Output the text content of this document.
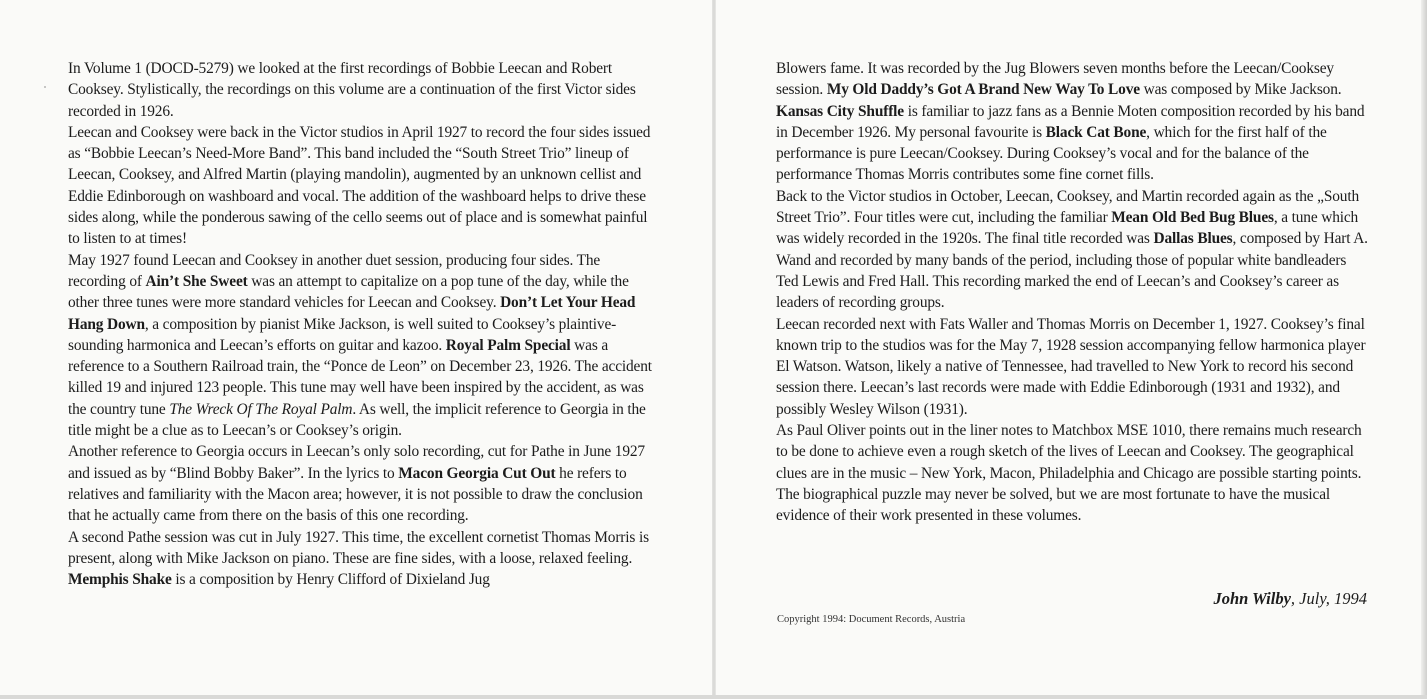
In Volume 1 (DOCD-5279) we looked at the first recordings of Bobbie Leecan and Robert Cooksey. Stylistically, the recordings on this volume are a continuation of the first Victor sides recorded in 1926.

Leecan and Cooksey were back in the Victor studios in April 1927 to record the four sides issued as “Bobbie Leecan’s Need-More Band”. This band included the “South Street Trio” lineup of Leecan, Cooksey, and Alfred Martin (playing mandolin), augmented by an unknown cellist and Eddie Edinborough on washboard and vocal. The addition of the washboard helps to drive these sides along, while the ponderous sawing of the cello seems out of place and is somewhat painful to listen to at times!

May 1927 found Leecan and Cooksey in another duet session, producing four sides. The recording of Ain’t She Sweet was an attempt to capitalize on a pop tune of the day, while the other three tunes were more standard vehicles for Leecan and Cooksey. Don’t Let Your Head Hang Down, a composition by pianist Mike Jackson, is well suited to Cooksey’s plaintive-sounding harmonica and Leecan’s efforts on guitar and kazoo. Royal Palm Special was a reference to a Southern Railroad train, the “Ponce de Leon” on December 23, 1926. The accident killed 19 and injured 123 people. This tune may well have been inspired by the accident, as was the country tune The Wreck Of The Royal Palm. As well, the implicit reference to Georgia in the title might be a clue as to Leecan’s or Cooksey’s origin.

Another reference to Georgia occurs in Leecan’s only solo recording, cut for Pathe in June 1927 and issued as by “Blind Bobby Baker”. In the lyrics to Macon Georgia Cut Out he refers to relatives and familiarity with the Macon area; however, it is not possible to draw the conclusion that he actually came from there on the basis of this one recording.

A second Pathe session was cut in July 1927. This time, the excellent cornetist Thomas Morris is present, along with Mike Jackson on piano. These are fine sides, with a loose, relaxed feeling. Memphis Shake is a composition by Henry Clifford of Dixieland Jug

Blowers fame. It was recorded by the Jug Blowers seven months before the Leecan/Cooksey session. My Old Daddy’s Got A Brand New Way To Love was composed by Mike Jackson. Kansas City Shuffle is familiar to jazz fans as a Bennie Moten composition recorded by his band in December 1926. My personal favourite is Black Cat Bone, which for the first half of the performance is pure Leecan/Cooksey. During Cooksey’s vocal and for the balance of the performance Thomas Morris contributes some fine cornet fills.

Back to the Victor studios in October, Leecan, Cooksey, and Martin recorded again as the „South Street Trio”. Four titles were cut, including the familiar Mean Old Bed Bug Blues, a tune which was widely recorded in the 1920s. The final title recorded was Dallas Blues, composed by Hart A. Wand and recorded by many bands of the period, including those of popular white bandleaders Ted Lewis and Fred Hall. This recording marked the end of Leecan’s and Cooksey’s career as leaders of recording groups.

Leecan recorded next with Fats Waller and Thomas Morris on December 1, 1927. Cooksey’s final known trip to the studios was for the May 7, 1928 session accompanying fellow harmonica player El Watson. Watson, likely a native of Tennessee, had travelled to New York to record his second session there. Leecan’s last records were made with Eddie Edinborough (1931 and 1932), and possibly Wesley Wilson (1931).

As Paul Oliver points out in the liner notes to Matchbox MSE 1010, there remains much research to be done to achieve even a rough sketch of the lives of Leecan and Cooksey. The geographical clues are in the music – New York, Macon, Philadelphia and Chicago are possible starting points. The biographical puzzle may never be solved, but we are most fortunate to have the musical evidence of their work presented in these volumes.

John Wilby, July, 1994
Copyright 1994: Document Records, Austria
